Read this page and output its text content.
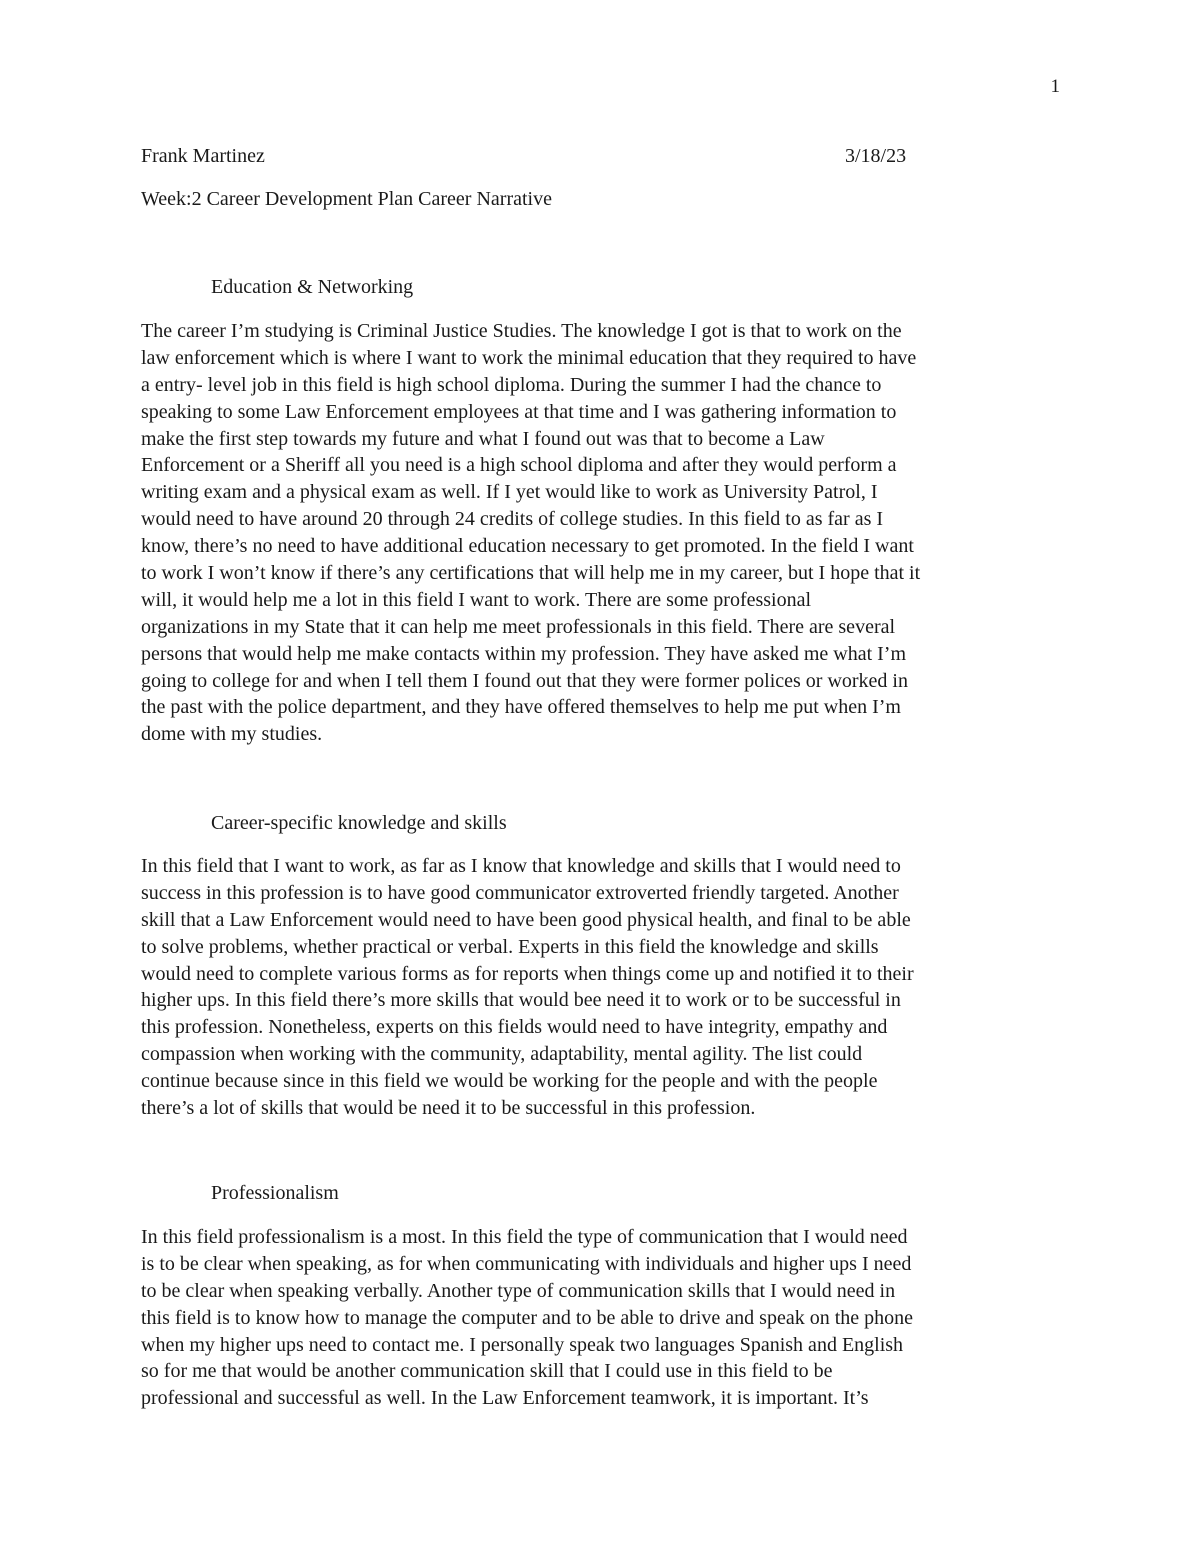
1
Frank Martinez	3/18/23
Week:2 Career Development Plan Career Narrative
Education & Networking
The career I’m studying is Criminal Justice Studies. The knowledge I got is that to work on the
law enforcement which is where I want to work the minimal education that they required to have
a entry- level job in this field is high school diploma. During the summer I had the chance to
speaking to some Law Enforcement employees at that time and I was gathering information to
make the first step towards my future and what I found out was that to become a Law
Enforcement or a Sheriff all you need is a high school diploma and after they would perform a
writing exam and a physical exam as well. If I yet would like to work as University Patrol, I
would need to have around 20 through 24 credits of college studies. In this field to as far as I
know, there’s no need to have additional education necessary to get promoted. In the field I want
to work I won’t know if there’s any certifications that will help me in my career, but I hope that it
will, it would help me a lot in this field I want to work. There are some professional
organizations in my State that it can help me meet professionals in this field. There are several
persons that would help me make contacts within my profession. They have asked me what I’m
going to college for and when I tell them I found out that they were former polices or worked in
the past with the police department, and they have offered themselves to help me put when I’m
dome with my studies.
Career-specific knowledge and skills
In this field that I want to work, as far as I know that knowledge and skills that I would need to
success in this profession is to have good communicator extroverted friendly targeted. Another
skill that a Law Enforcement would need to have been good physical health, and final to be able
to solve problems, whether practical or verbal. Experts in this field the knowledge and skills
would need to complete various forms as for reports when things come up and notified it to their
higher ups. In this field there’s more skills that would bee need it to work or to be successful in
this profession. Nonetheless, experts on this fields would need to have integrity, empathy and
compassion when working with the community, adaptability, mental agility. The list could
continue because since in this field we would be working for the people and with the people
there’s a lot of skills that would be need it to be successful in this profession.
Professionalism
In this field professionalism is a most. In this field the type of communication that I would need
is to be clear when speaking, as for when communicating with individuals and higher ups I need
to be clear when speaking verbally. Another type of communication skills that I would need in
this field is to know how to manage the computer and to be able to drive and speak on the phone
when my higher ups need to contact me. I personally speak two languages Spanish and English
so for me that would be another communication skill that I could use in this field to be
professional and successful as well. In the Law Enforcement teamwork, it is important. It’s
